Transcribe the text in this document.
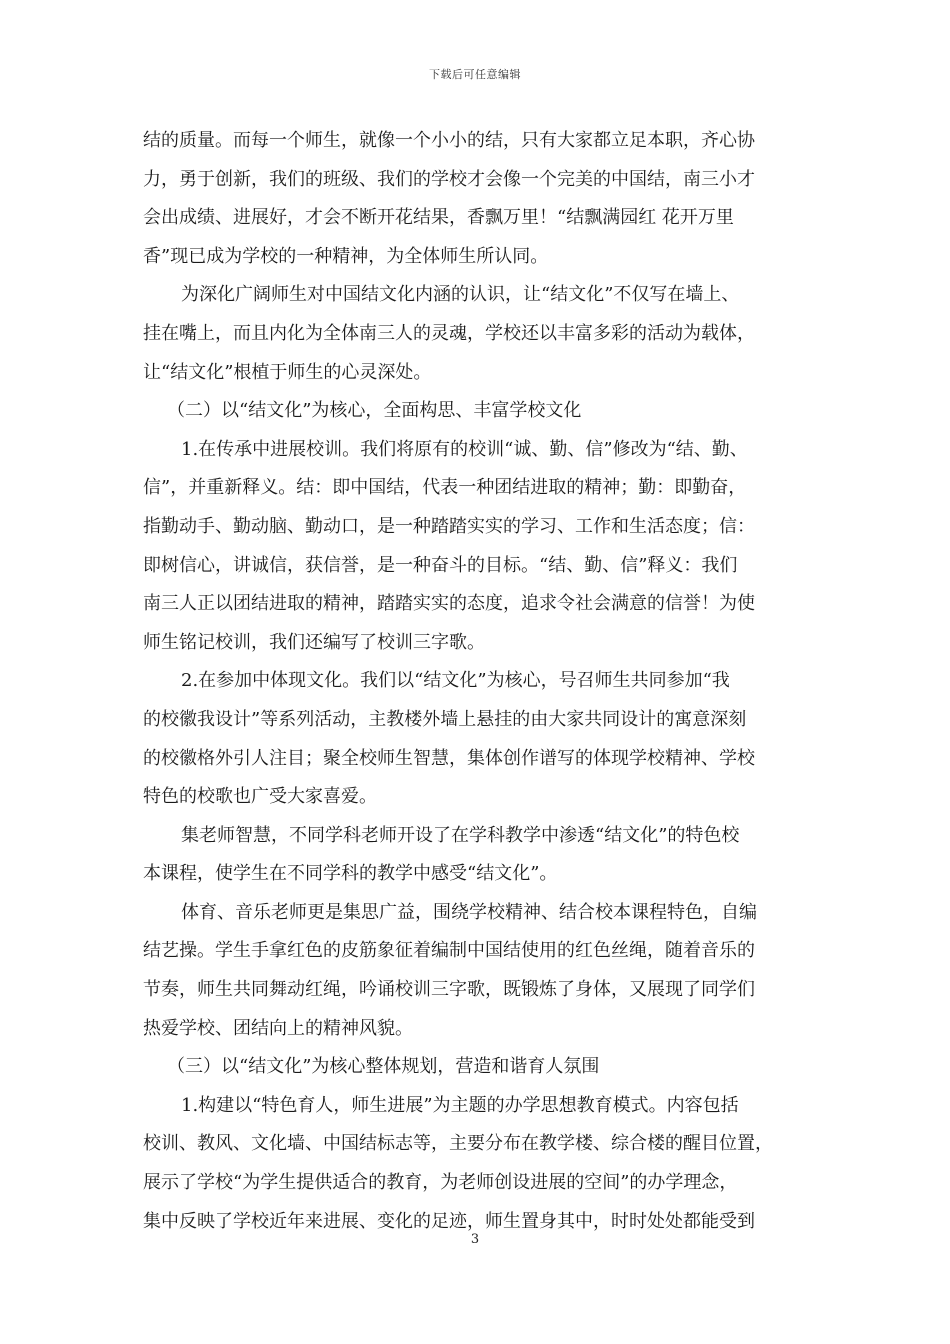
下载后可任意编辑
结的质量。而每一个师生，就像一个小小的结，只有大家都立足本职，齐心协
力，勇于创新，我们的班级、我们的学校才会像一个完美的中国结，南三小才
会出成绩、进展好，才会不断开花结果，香飘万里！“结飘满园红 花开万里
香”现已成为学校的一种精神，为全体师生所认同。
为深化广阔师生对中国结文化内涵的认识，让“结文化”不仅写在墙上、
挂在嘴上，而且内化为全体南三人的灵魂，学校还以丰富多彩的活动为载体，
让“结文化”根植于师生的心灵深处。
（二）以“结文化”为核心，全面构思、丰富学校文化
1.在传承中进展校训。我们将原有的校训“诚、勤、信”修改为“结、勤、
信”，并重新释义。结：即中国结，代表一种团结进取的精神；勤：即勤奋，
指勤动手、勤动脑、勤动口，是一种踏踏实实的学习、工作和生活态度；信：
即树信心，讲诚信，获信誉，是一种奋斗的目标。“结、勤、信”释义：我们
南三人正以团结进取的精神，踏踏实实的态度，追求令社会满意的信誉！为使
师生铭记校训，我们还编写了校训三字歌。
2.在参加中体现文化。我们以“结文化”为核心，号召师生共同参加“我
的校徽我设计”等系列活动，主教楼外墙上悬挂的由大家共同设计的寓意深刻
的校徽格外引人注目；聚全校师生智慧，集体创作谱写的体现学校精神、学校
特色的校歌也广受大家喜爱。
集老师智慧，不同学科老师开设了在学科教学中渗透“结文化”的特色校
本课程，使学生在不同学科的教学中感受“结文化”。
体育、音乐老师更是集思广益，围绕学校精神、结合校本课程特色，自编
结艺操。学生手拿红色的皮筋象征着编制中国结使用的红色丝绳，随着音乐的
节奏，师生共同舞动红绳，吟诵校训三字歌，既锻炼了身体，又展现了同学们
热爱学校、团结向上的精神风貌。
（三）以“结文化”为核心整体规划，营造和谐育人氛围
1.构建以“特色育人，师生进展”为主题的办学思想教育模式。内容包括
校训、教风、文化墙、中国结标志等，主要分布在教学楼、综合楼的醒目位置，
展示了学校“为学生提供适合的教育，为老师创设进展的空间”的办学理念，
集中反映了学校近年来进展、变化的足迹，师生置身其中，时时处处都能受到
3
